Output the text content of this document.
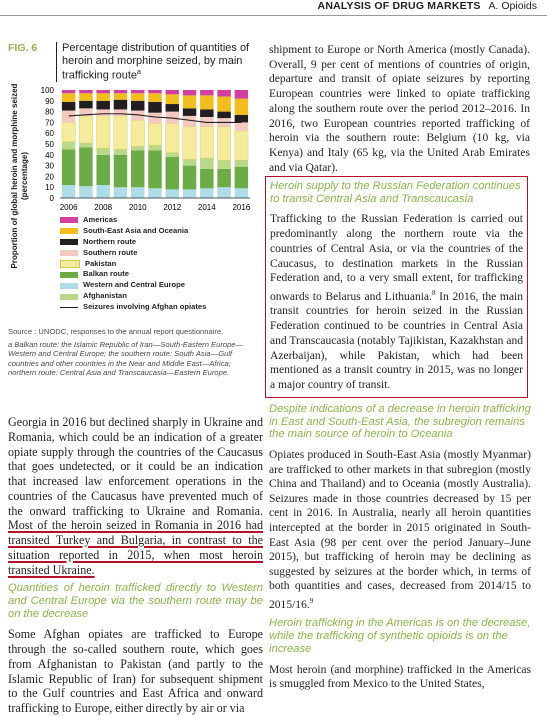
ANALYSIS OF DRUG MARKETS A. Opioids
FIG. 6	Percentage distribution of quantities of heroin and morphine seized, by main trafficking route$^a$
Proportion of global heroin and morphine seized (percentage)	0
10
20
30
40
50
60
70
80
90
100
2006 2008 2010 2012 2014 2016
Americas
South-East Asia and Oceania
Northern route
Southern route
Pakistan
Balkan route
Western and Central Europe
Afghanistan
Seizures involving Afghan opiates
Source : UNODC, responses to the annual report questionnaire.
a Balkan route: the Islamic Republic of Iran—South-Eastern Europe—Western and Central Europe; the southern route: South Asia—Gulf countries and other countries in the Near and Middle East—Africa; northern route: Central Asia and Transcaucasia—Eastern Europe.

Georgia in 2016 but declined sharply in Ukraine and Romania, which could be an indication of a greater opiate supply through the countries of the Caucasus that goes undetected, or it could be an indication that increased law enforcement operations in the countries of the Caucasus have prevented much of the onward trafficking to Ukraine and Romania. Most of the heroin seized in Romania in 2016 had transited Turkey and Bulgaria, in contrast to the situation reported in 2015, when most heroin transited Ukraine.

Quantities of heroin trafficked directly to Western and Central Europe via the southern route may be on the decrease

Some Afghan opiates are trafficked to Europe through the so-called southern route, which goes from Afghanistan to Pakistan (and partly to the Islamic Republic of Iran) for subsequent shipment to the Gulf countries and East Africa and onward trafficking to Europe, either directly by air or via

shipment to Europe or North America (mostly Canada). Overall, 9 per cent of mentions of countries of origin, departure and transit of opiate seizures by reporting European countries were linked to opiate trafficking along the southern route over the period 2012–2016. In 2016, two European countries reported trafficking of heroin via the southern route: Belgium (10 kg, via Kenya) and Italy (65 kg, via the United Arab Emirates and via Qatar).

Heroin supply to the Russian Federation continues to transit Central Asia and Transcaucasia

Trafficking to the Russian Federation is carried out predominantly along the northern route via the countries of Central Asia, or via the countries of the Caucasus, to destination markets in the Russian Federation and, to a very small extent, for trafficking onwards to Belarus and Lithuania.$^8$ In 2016, the main transit countries for heroin seized in the Russian Federation continued to be countries in Central Asia and Transcaucasia (notably Tajikistan, Kazakhstan and Azerbaijan), while Pakistan, which had been mentioned as a transit country in 2015, was no longer a major country of transit.

Despite indications of a decrease in heroin trafficking in East and South-East Asia, the subregion remains the main source of heroin to Oceania

Opiates produced in South-East Asia (mostly Myanmar) are trafficked to other markets in that subregion (mostly China and Thailand) and to Oceania (mostly Australia). Seizures made in those countries decreased by 15 per cent in 2016. In Australia, nearly all heroin quantities intercepted at the border in 2015 originated in South-East Asia (98 per cent over the period January–June 2015), but trafficking of heroin may be declining as suggested by seizures at the border which, in terms of both quantities and cases, decreased from 2014/15 to 2015/16.$^9$

Heroin trafficking in the Americas is on the decrease, while the trafficking of synthetic opioids is on the increase

Most heroin (and morphine) trafficked in the Americas is smuggled from Mexico to the United States,
